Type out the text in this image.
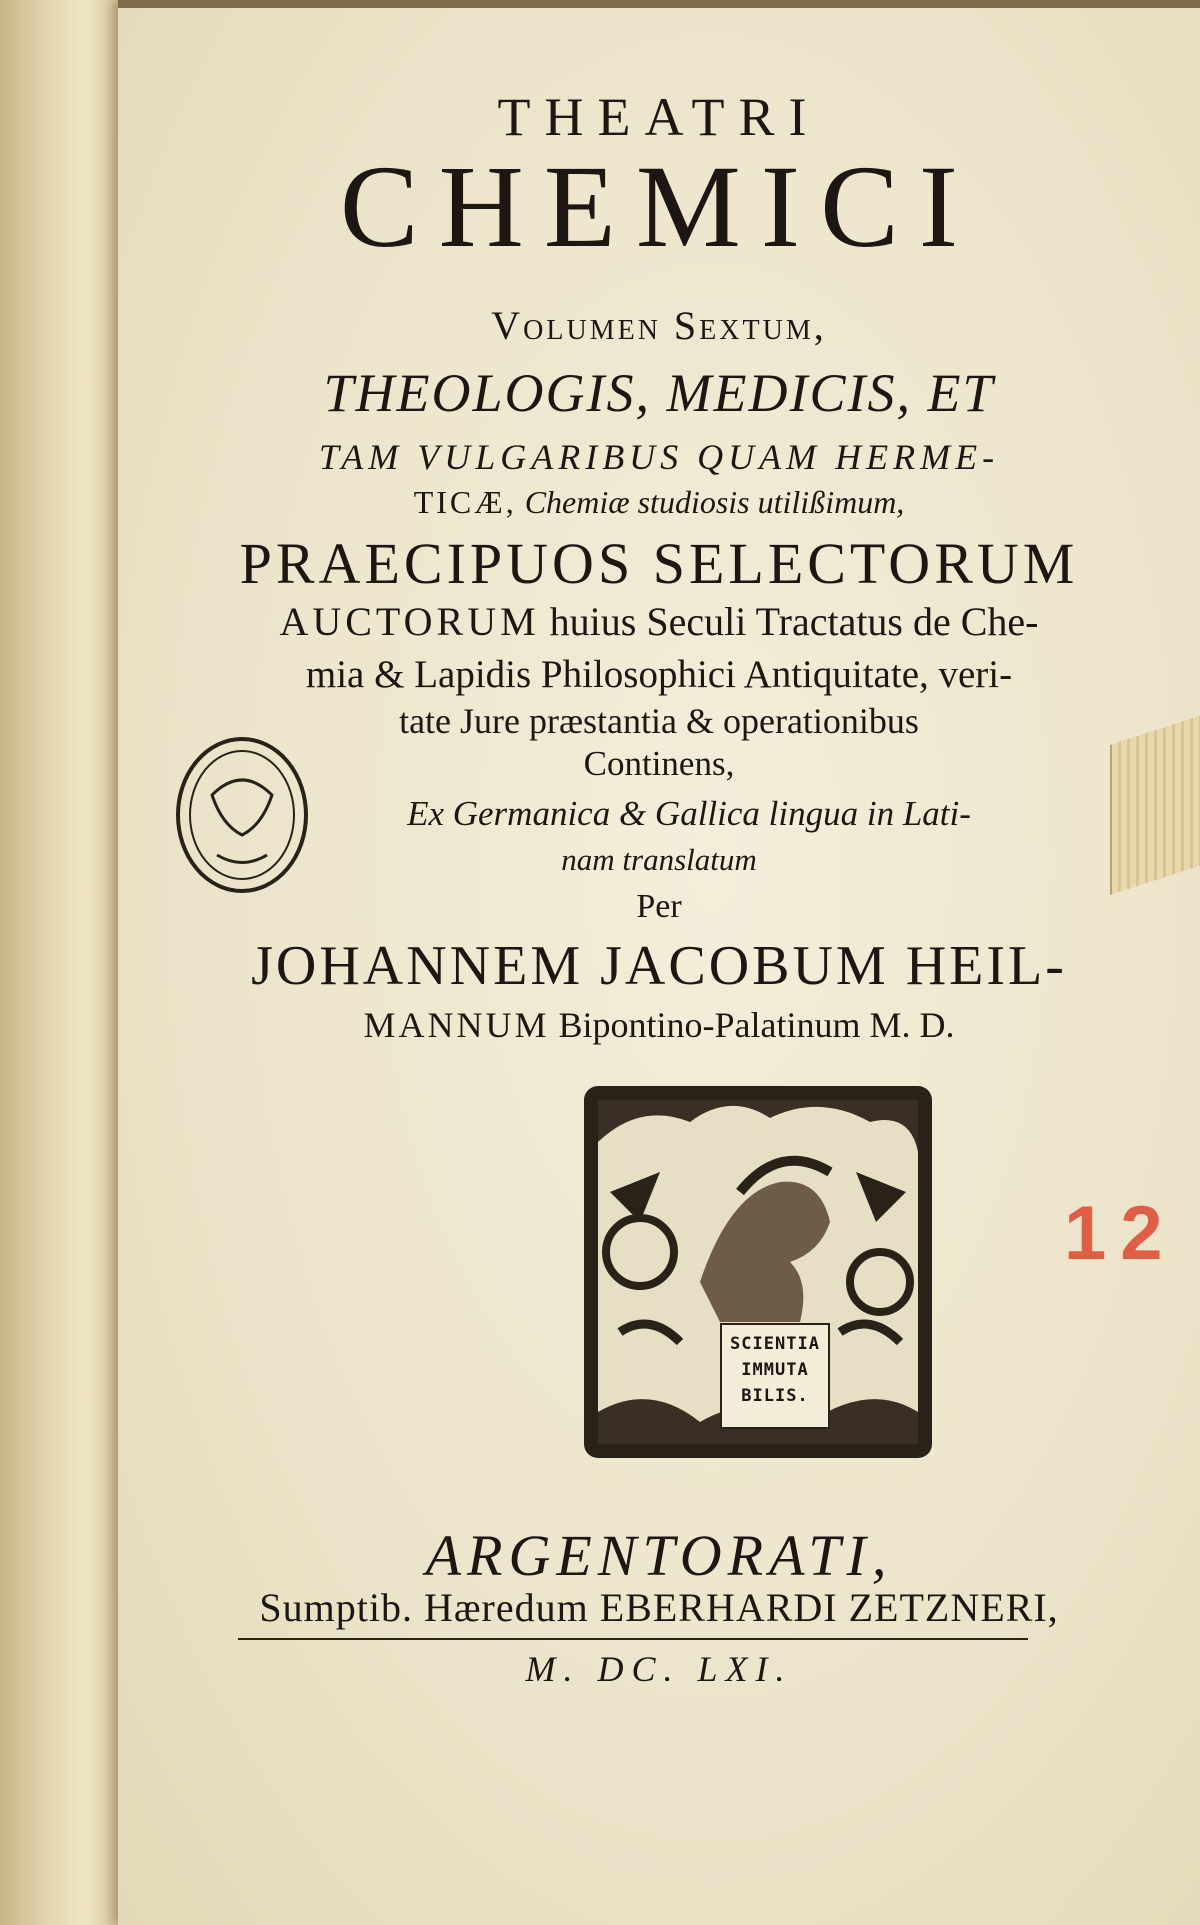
THEATRI
CHEMICI
Volumen Sextum,
THEOLOGIS, MEDICIS, ET
TAM VULGARIBUS QUAM HERME-
TICÆ, Chemiæ studiosis utilißimum,
PRAECIPUOS SELECTORUM
AUCTORUM huius Seculi Tractatus de Che-
mia & Lapidis Philosophici Antiquitate, veri-
tate Jure præstantia & operationibus
Continens,
Ex Germanica & Gallica lingua in Lati-
nam translatum
Per
JOHANNEM JACOBUM HEIL-
MANNUM Bipontino-Palatinum M. D.
SCIENTIA
IMMUTA
BILIS.
12
ARGENTORATI,
Sumptib. Hæredum EBERHARDI ZETZNERI,
M. DC. LXI.
